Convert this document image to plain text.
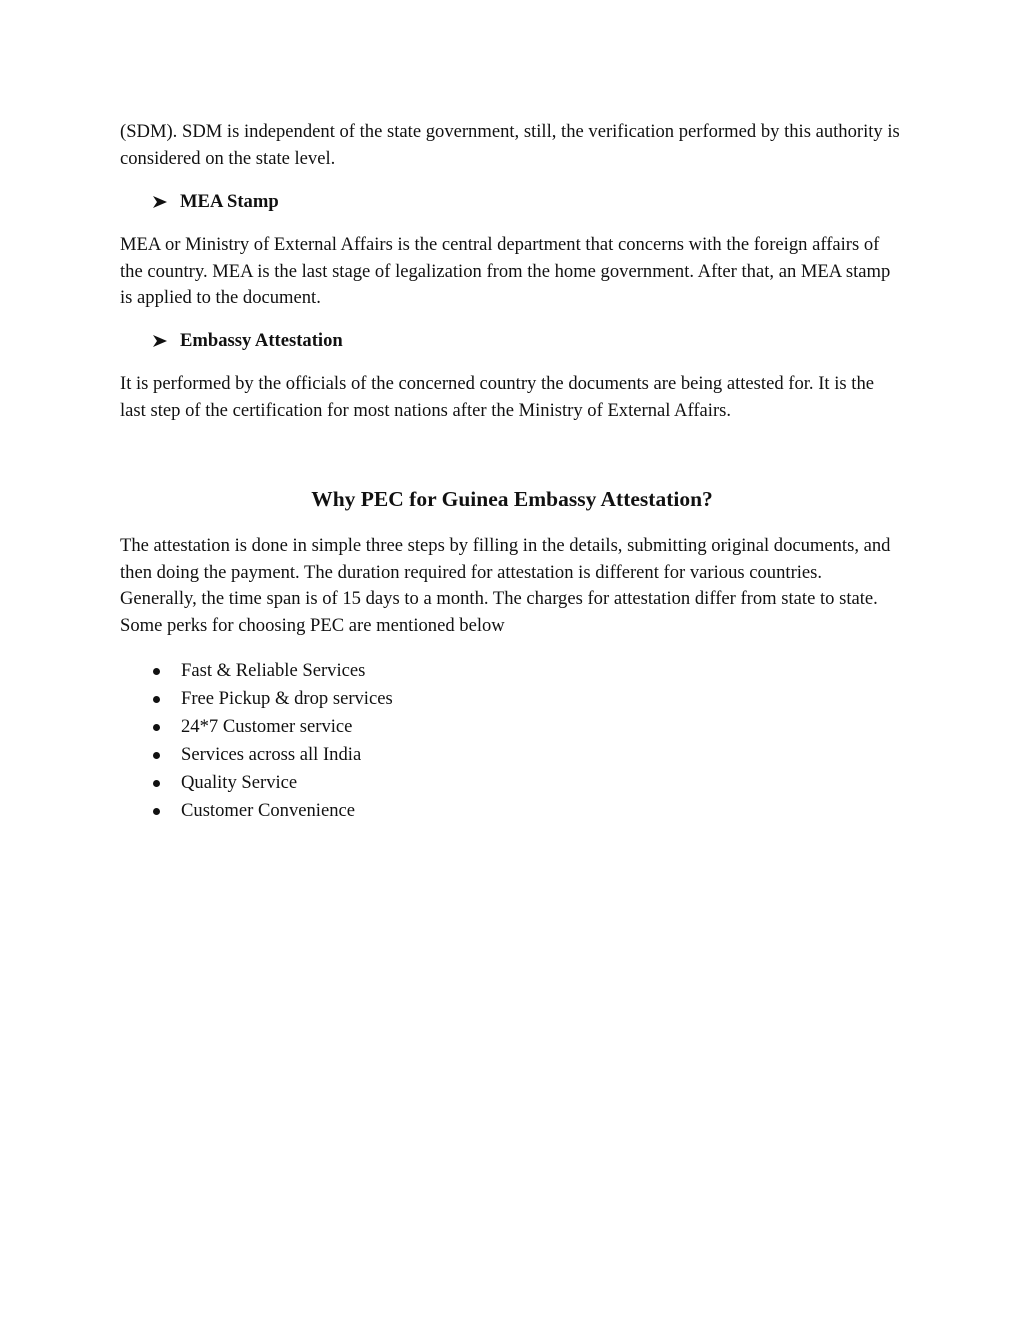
(SDM). SDM is independent of the state government, still, the verification performed by this authority is considered on the state level.

MEA Stamp

MEA or Ministry of External Affairs is the central department that concerns with the foreign affairs of the country. MEA is the last stage of legalization from the home government. After that, an MEA stamp is applied to the document.

Embassy Attestation

It is performed by the officials of the concerned country the documents are being attested for. It is the last step of the certification for most nations after the Ministry of External Affairs.

Why PEC for Guinea Embassy Attestation?

The attestation is done in simple three steps by filling in the details, submitting original documents, and then doing the payment. The duration required for attestation is different for various countries. Generally, the time span is of 15 days to a month. The charges for attestation differ from state to state. Some perks for choosing PEC are mentioned below

Fast & Reliable Services
Free Pickup & drop services
24*7 Customer service
Services across all India
Quality Service
Customer Convenience
